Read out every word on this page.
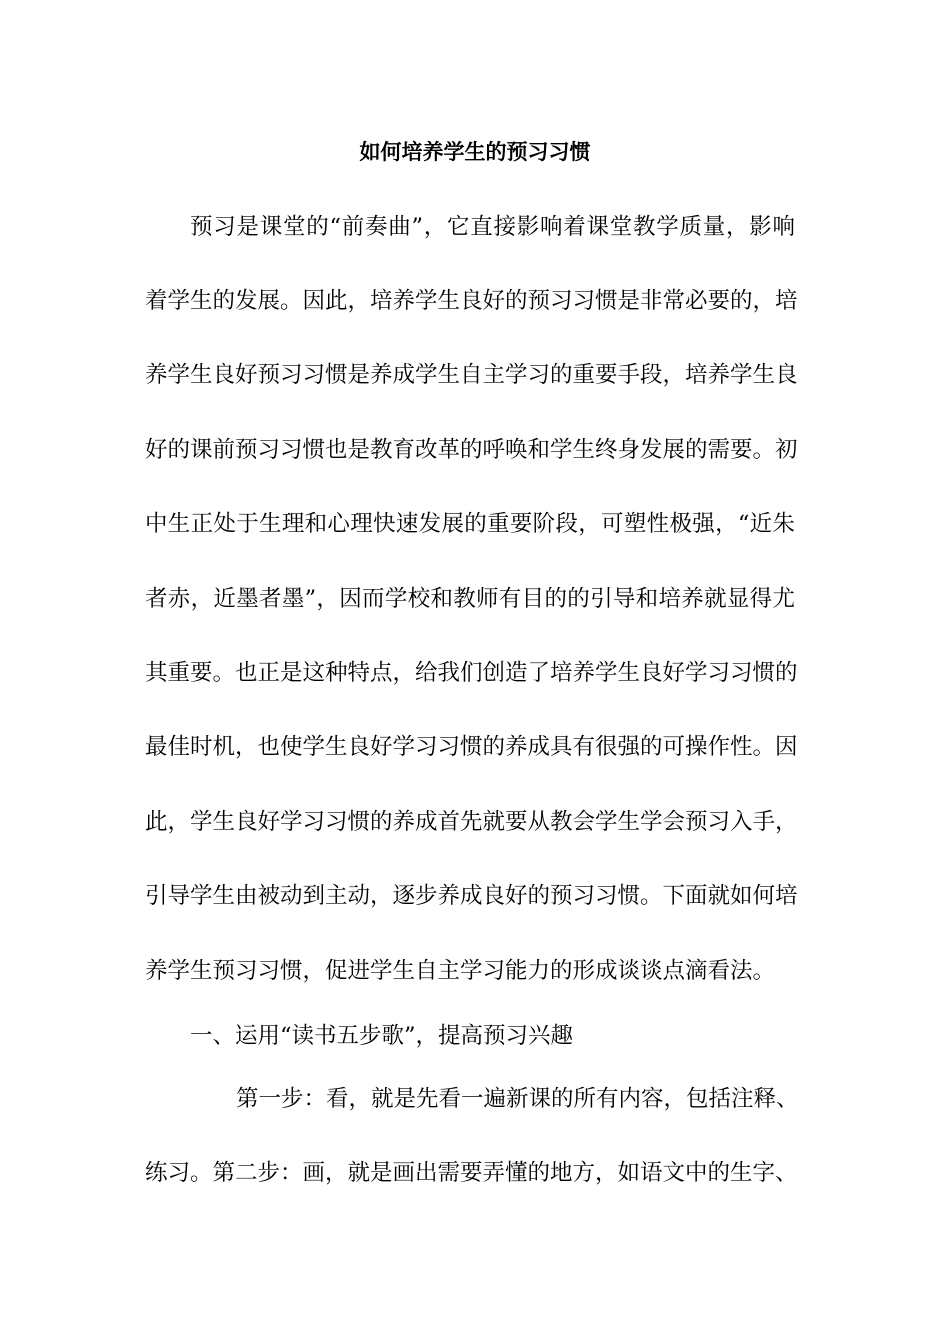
如何培养学生的预习习惯
预习是课堂的“前奏曲”，它直接影响着课堂教学质量，影响
着学生的发展。因此，培养学生良好的预习习惯是非常必要的，培
养学生良好预习习惯是养成学生自主学习的重要手段，培养学生良
好的课前预习习惯也是教育改革的呼唤和学生终身发展的需要。初
中生正处于生理和心理快速发展的重要阶段，可塑性极强，“近朱
者赤，近墨者墨”，因而学校和教师有目的的引导和培养就显得尤
其重要。也正是这种特点，给我们创造了培养学生良好学习习惯的
最佳时机，也使学生良好学习习惯的养成具有很强的可操作性。因
此，学生良好学习习惯的养成首先就要从教会学生学会预习入手，
引导学生由被动到主动，逐步养成良好的预习习惯。下面就如何培
养学生预习习惯，促进学生自主学习能力的形成谈谈点滴看法。
一、运用“读书五步歌”，提高预习兴趣
第一步：看，就是先看一遍新课的所有内容，包括注释、
练习。第二步：画，就是画出需要弄懂的地方，如语文中的生字、
